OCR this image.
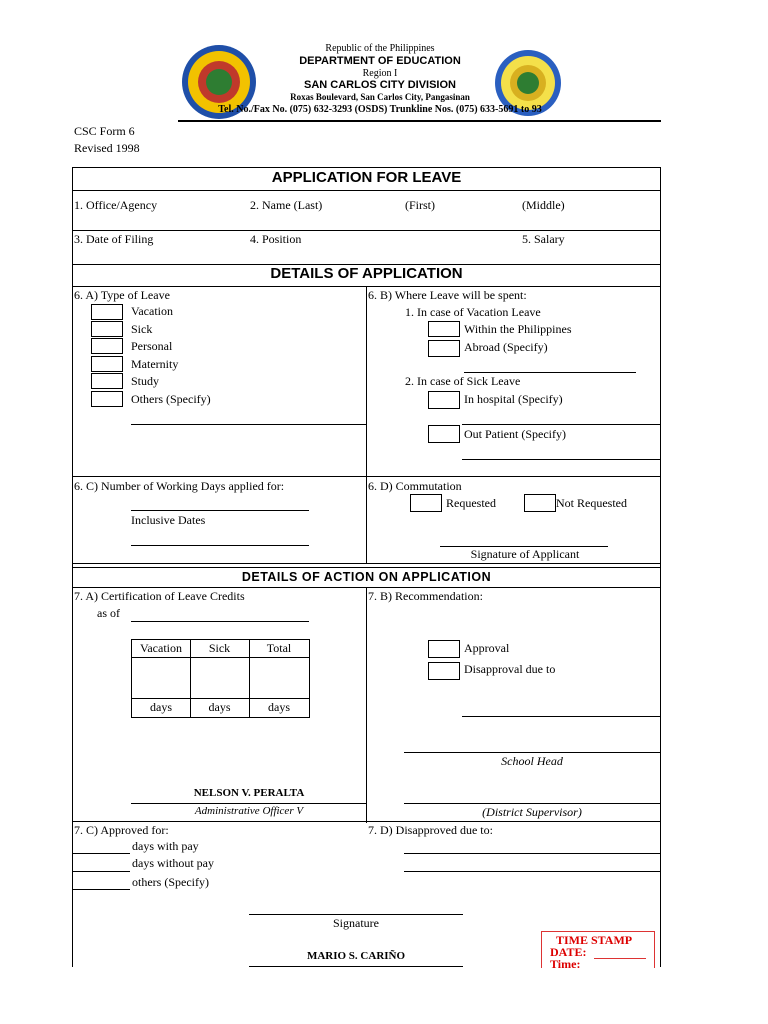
Republic of the Philippines
DEPARTMENT OF EDUCATION
Region I
SAN CARLOS CITY DIVISION
Roxas Boulevard, San Carlos City, Pangasinan
Tel. No./Fax No. (075) 632-3293 (OSDS) Trunkline Nos. (075) 633-5691 to 93
CSC Form 6
Revised 1998
APPLICATION FOR LEAVE
1. Office/Agency	2. Name (Last)	(First)	(Middle)
3. Date of Filing	4. Position	5. Salary
DETAILS OF APPLICATION
6. A) Type of Leave
Vacation
Sick
Personal
Maternity
Study
Others (Specify)
6. B) Where Leave will be spent:
1. In case of Vacation Leave
Within the Philippines
Abroad (Specify)
2. In case of Sick Leave
In hospital (Specify)
Out Patient (Specify)
6. C) Number of Working Days applied for:
Inclusive Dates
6. D) Commutation
Requested	Not Requested
Signature of Applicant
DETAILS OF ACTION ON APPLICATION
7. A) Certification of Leave Credits
as of
Vacation	Sick	Total
days	days	days
NELSON V. PERALTA
Administrative Officer V
7. B) Recommendation:
Approval
Disapproval due to
School Head
(District Supervisor)
7. C) Approved for:
days with pay
days without pay
others (Specify)
7. D) Disapproved due to:
Signature
MARIO S. CARIÑO
TIME STAMP
DATE:
Time:
